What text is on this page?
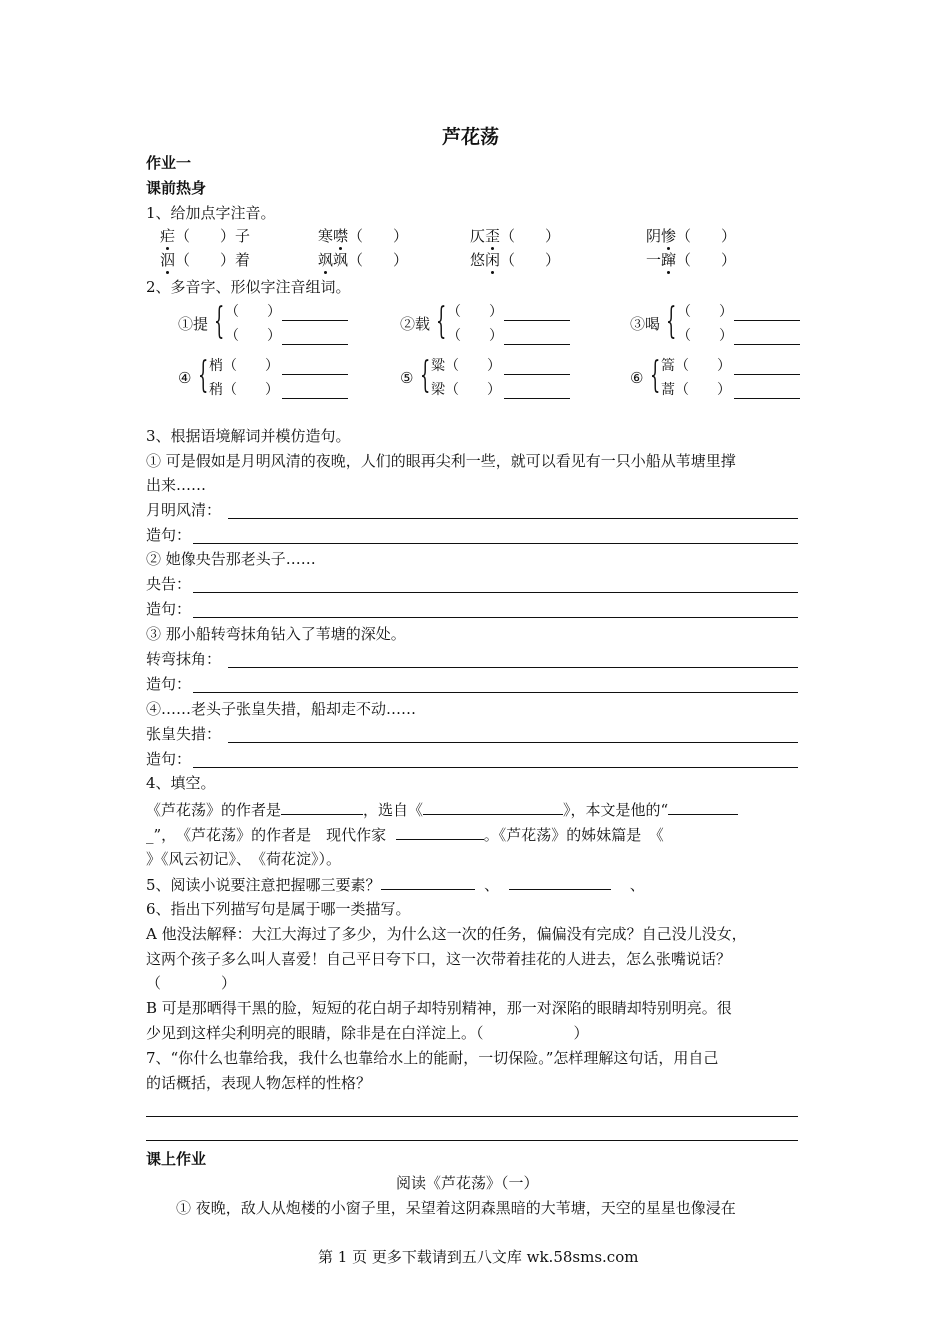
芦花荡
作业一
课前热身
1、给加点字注音。
疟（　　）子	寒噤（　　）	仄歪（　　）	阴惨（　　）
泅（　　）着	飒飒（　　）	悠闲（　　）	一蹿（　　）
2、多音字、形似字注音组词。
①提 { （　　）
（　　）
②载 { （　　）
（　　）
③喝 { （　　）
（　　）
④ { 梢（　　）
稍（　　）
⑤ { 粱（　　）
梁（　　）
⑥ { 篙（　　）
蒿（　　）
3、根据语境解词并模仿造句。
① 可是假如是月明风清的夜晚，人们的眼再尖利一些，就可以看见有一只小船从苇塘里撑
出来……
月明风清：
造句：
② 她像央告那老头子……
央告：
造句：
③ 那小船转弯抹角钻入了苇塘的深处。
转弯抹角：
造句：
④……老头子张皇失措，船却走不动……
张皇失措：
造句：
4、填空。
《芦花荡》的作者是	，选自《	》，本文是他的“
_”，　《芦花荡》的作者是　现代作家	。《芦花荡》的姊妹篇是　《
》《风云初记》、　《荷花淀》）。
5、阅读小说要注意把握哪三要素？	、	、
6、指出下列描写句是属于哪一类描写。
A 他没法解释：大江大海过了多少，为什么这一次的任务，偏偏没有完成？自己没儿没女，
这两个孩子多么叫人喜爱！自己平日夸下口，这一次带着挂花的人进去，怎么张嘴说话？
（　　　　）
B 可是那晒得干黑的脸，短短的花白胡子却特别精神，那一对深陷的眼睛却特别明亮。很
少见到这样尖利明亮的眼睛，除非是在白洋淀上。（　　　　　　）
7、“你什么也靠给我，我什么也靠给水上的能耐，一切保险。”怎样理解这句话，用自己
的话概括，表现人物怎样的性格？
课上作业
阅读《芦花荡》（一）
① 夜晚，敌人从炮楼的小窗子里，呆望着这阴森黑暗的大苇塘，天空的星星也像浸在
第 1 页 更多下载请到五八文库 wk.58sms.com
